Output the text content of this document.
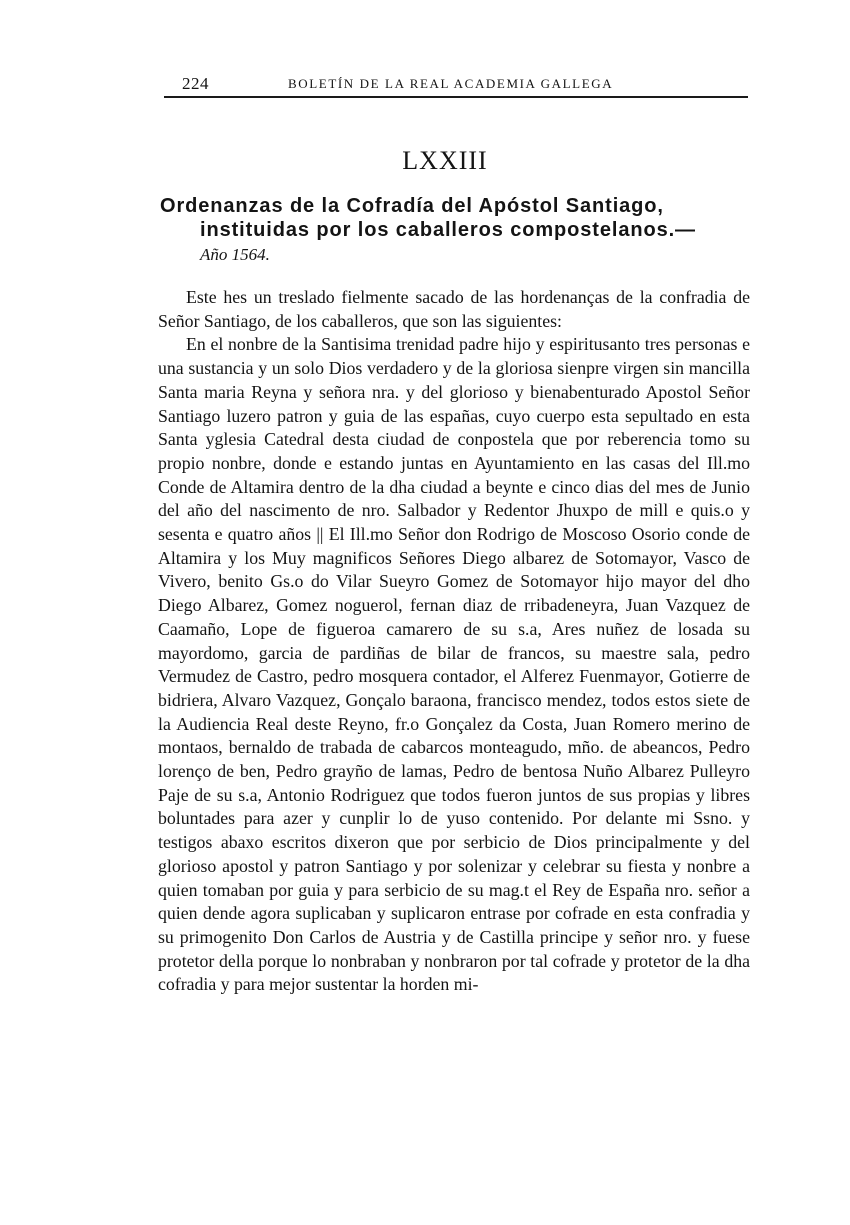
224	BOLETÍN DE LA REAL ACADEMIA GALLEGA
LXXIII
Ordenanzas de la Cofradía del Apóstol Santiago,
instituidas por los caballeros compostelanos.—
Año 1564.

Este hes un treslado fielmente sacado de las hordenanças de la confradia de Señor Santiago, de los caballeros, que son las siguientes:

En el nonbre de la Santisima trenidad padre hijo y espiritusanto tres personas e una sustancia y un solo Dios verdadero y de la gloriosa sienpre virgen sin mancilla Santa maria Reyna y señora nra. y del glorioso y bienabenturado Apostol Señor Santiago luzero patron y guia de las españas, cuyo cuerpo esta sepultado en esta Santa yglesia Catedral desta ciudad de conpostela que por reberencia tomo su propio nonbre, donde e estando juntas en Ayuntamiento en las casas del Ill.mo Conde de Altamira dentro de la dha ciudad a beynte e cinco dias del mes de Junio del año del nascimento de nro. Salbador y Redentor Jhuxpo de mill e quis.o y sesenta e quatro años || El Ill.mo Señor don Rodrigo de Moscoso Osorio conde de Altamira y los Muy magnificos Señores Diego albarez de Sotomayor, Vasco de Vivero, benito Gs.o do Vilar Sueyro Gomez de Sotomayor hijo mayor del dho Diego Albarez, Gomez noguerol, fernan diaz de rribadeneyra, Juan Vazquez de Caamaño, Lope de figueroa camarero de su s.a, Ares nuñez de losada su mayordomo, garcia de pardiñas de bilar de francos, su maestre sala, pedro Vermudez de Castro, pedro mosquera contador, el Alferez Fuenmayor, Gotierre de bidriera, Alvaro Vazquez, Gonçalo baraona, francisco mendez, todos estos siete de la Audiencia Real deste Reyno, fr.o Gonçalez da Costa, Juan Romero merino de montaos, bernaldo de trabada de cabarcos monteagudo, mño. de abeancos, Pedro lorenço de ben, Pedro grayño de lamas, Pedro de bentosa Nuño Albarez Pulleyro Paje de su s.a, Antonio Rodriguez que todos fueron juntos de sus propias y libres boluntades para azer y cunplir lo de yuso contenido. Por delante mi Ssno. y testigos abaxo escritos dixeron que por serbicio de Dios principalmente y del glorioso apostol y patron Santiago y por solenizar y celebrar su fiesta y nonbre a quien tomaban por guia y para serbicio de su mag.t el Rey de España nro. señor a quien dende agora suplicaban y suplicaron entrase por cofrade en esta confradia y su primogenito Don Carlos de Austria y de Castilla principe y señor nro. y fuese protetor della porque lo nonbraban y nonbraron por tal cofrade y protetor de la dha cofradia y para mejor sustentar la horden mi-
